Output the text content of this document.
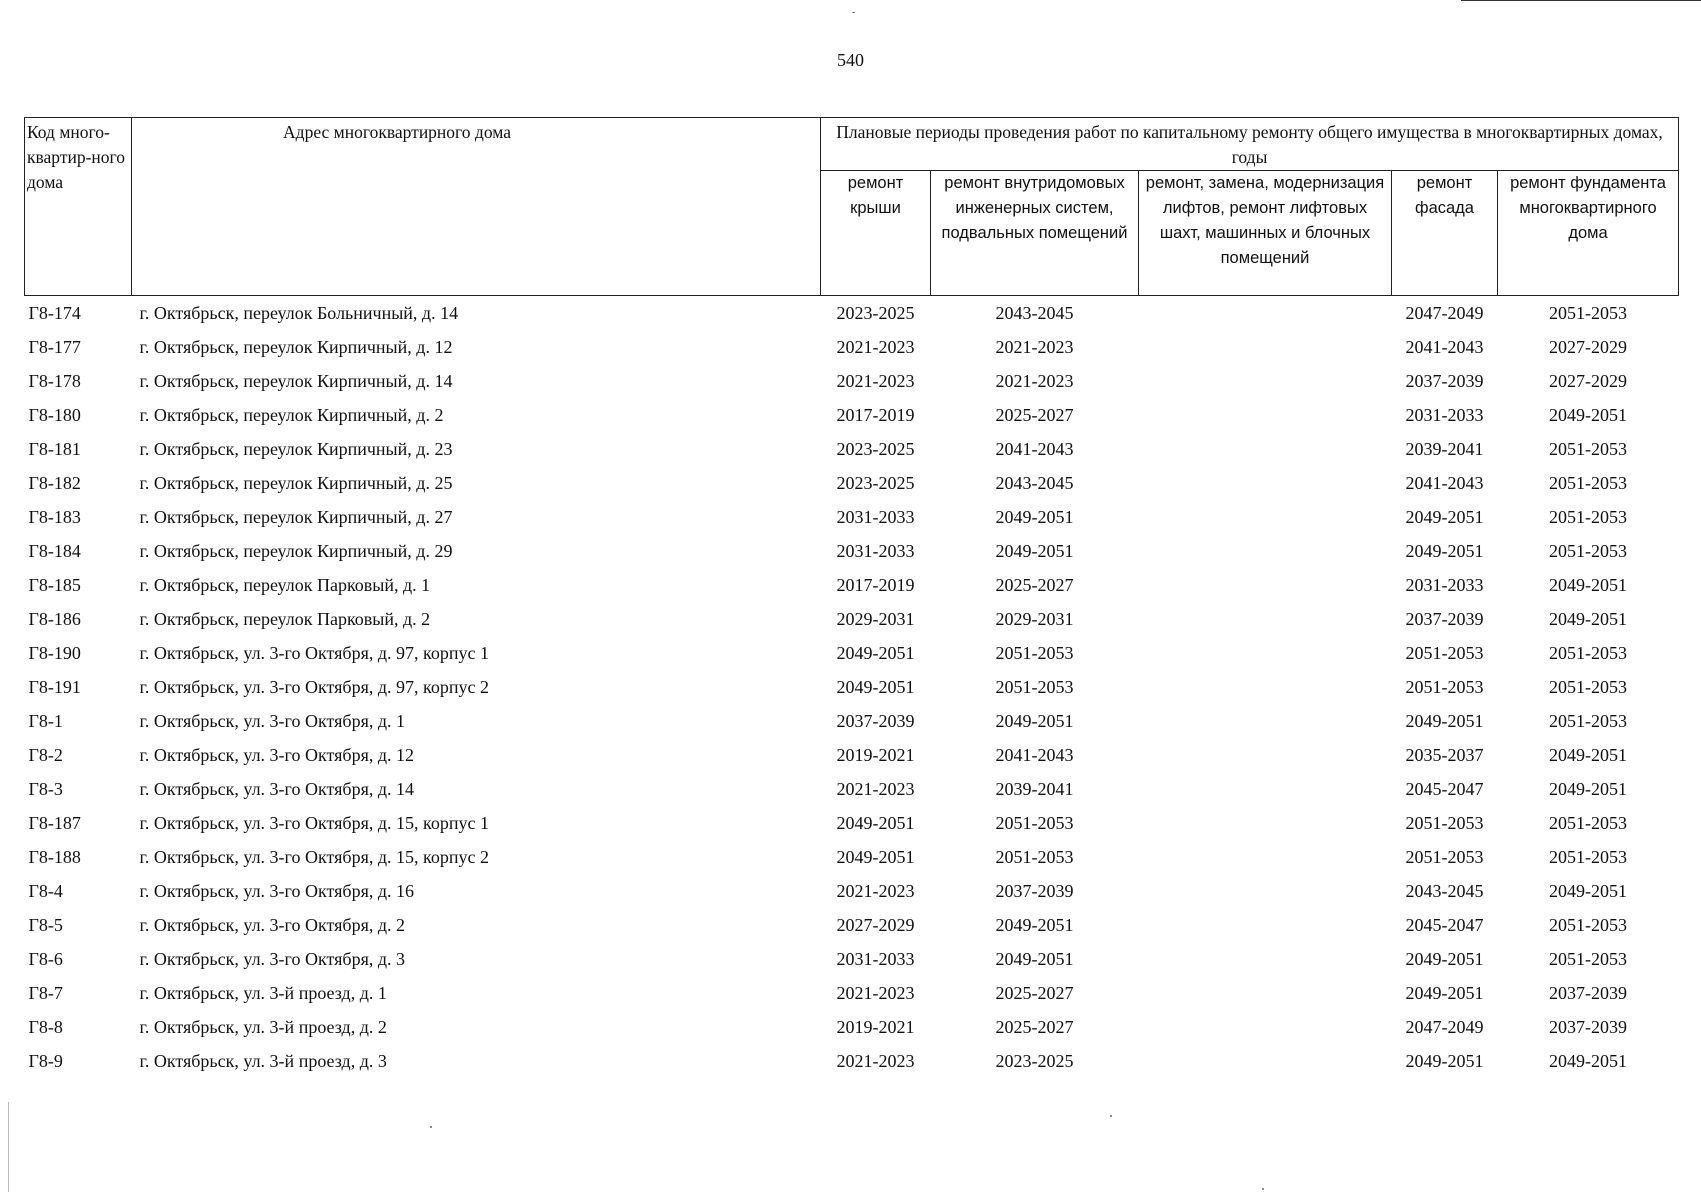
540
Код много-квартир-ного дома	Адрес многоквартирного дома	Плановые периоды проведения работ по капитальному ремонту общего имущества в многоквартирных домах, годы				
		ремонт крыши	ремонт внутридомовых инженерных систем, подвальных помещений	ремонт, замена, модернизация лифтов, ремонт лифтовых шахт, машинных и блочных помещений	ремонт фасада	ремонт фундамента многоквартирного дома
Г8-174	г. Октябрьск, переулок Больничный, д. 14	2023-2025	2043-2045		2047-2049	2051-2053
Г8-177	г. Октябрьск, переулок Кирпичный, д. 12	2021-2023	2021-2023		2041-2043	2027-2029
Г8-178	г. Октябрьск, переулок Кирпичный, д. 14	2021-2023	2021-2023		2037-2039	2027-2029
Г8-180	г. Октябрьск, переулок Кирпичный, д. 2	2017-2019	2025-2027		2031-2033	2049-2051
Г8-181	г. Октябрьск, переулок Кирпичный, д. 23	2023-2025	2041-2043		2039-2041	2051-2053
Г8-182	г. Октябрьск, переулок Кирпичный, д. 25	2023-2025	2043-2045		2041-2043	2051-2053
Г8-183	г. Октябрьск, переулок Кирпичный, д. 27	2031-2033	2049-2051		2049-2051	2051-2053
Г8-184	г. Октябрьск, переулок Кирпичный, д. 29	2031-2033	2049-2051		2049-2051	2051-2053
Г8-185	г. Октябрьск, переулок Парковый, д. 1	2017-2019	2025-2027		2031-2033	2049-2051
Г8-186	г. Октябрьск, переулок Парковый, д. 2	2029-2031	2029-2031		2037-2039	2049-2051
Г8-190	г. Октябрьск, ул. 3-го Октября, д. 97, корпус 1	2049-2051	2051-2053		2051-2053	2051-2053
Г8-191	г. Октябрьск, ул. 3-го Октября, д. 97, корпус 2	2049-2051	2051-2053		2051-2053	2051-2053
Г8-1	г. Октябрьск, ул. 3-го Октября, д. 1	2037-2039	2049-2051		2049-2051	2051-2053
Г8-2	г. Октябрьск, ул. 3-го Октября, д. 12	2019-2021	2041-2043		2035-2037	2049-2051
Г8-3	г. Октябрьск, ул. 3-го Октября, д. 14	2021-2023	2039-2041		2045-2047	2049-2051
Г8-187	г. Октябрьск, ул. 3-го Октября, д. 15, корпус 1	2049-2051	2051-2053		2051-2053	2051-2053
Г8-188	г. Октябрьск, ул. 3-го Октября, д. 15, корпус 2	2049-2051	2051-2053		2051-2053	2051-2053
Г8-4	г. Октябрьск, ул. 3-го Октября, д. 16	2021-2023	2037-2039		2043-2045	2049-2051
Г8-5	г. Октябрьск, ул. 3-го Октября, д. 2	2027-2029	2049-2051		2045-2047	2051-2053
Г8-6	г. Октябрьск, ул. 3-го Октября, д. 3	2031-2033	2049-2051		2049-2051	2051-2053
Г8-7	г. Октябрьск, ул. 3-й проезд, д. 1	2021-2023	2025-2027		2049-2051	2037-2039
Г8-8	г. Октябрьск, ул. 3-й проезд, д. 2	2019-2021	2025-2027		2047-2049	2037-2039
Г8-9	г. Октябрьск, ул. 3-й проезд, д. 3	2021-2023	2023-2025		2049-2051	2049-2051
